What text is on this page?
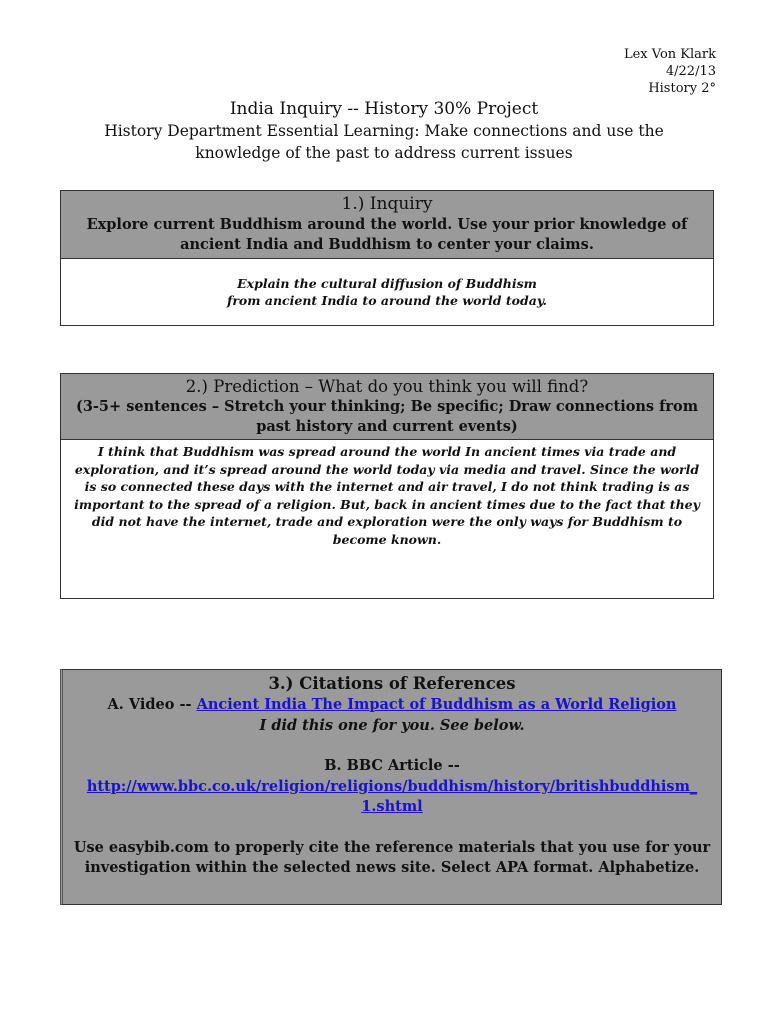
Lex Von Klark
4/22/13
History 2°
India Inquiry -- History 30% Project
History Department Essential Learning: Make connections and use the
knowledge of the past to address current issues
1.) Inquiry
Explore current Buddhism around the world. Use your prior knowledge of
ancient India and Buddhism to center your claims.
Explain the cultural diffusion of Buddhism
from ancient India to around the world today.
2.) Prediction – What do you think you will find?
(3-5+ sentences – Stretch your thinking; Be specific; Draw connections from
past history and current events)
I think that Buddhism was spread around the world In ancient times via trade and exploration, and it’s spread around the world today via media and travel. Since the world is so connected these days with the internet and air travel, I do not think trading is as important to the spread of a religion. But, back in ancient times due to the fact that they did not have the internet, trade and exploration were the only ways for Buddhism to become known.
3.) Citations of References
A. Video -- Ancient India The Impact of Buddhism as a World Religion
I did this one for you. See below.
B. BBC Article --
http://www.bbc.co.uk/religion/religions/buddhism/history/britishbuddhism_
1.shtml
Use easybib.com to properly cite the reference materials that you use for your
investigation within the selected news site. Select APA format. Alphabetize.
